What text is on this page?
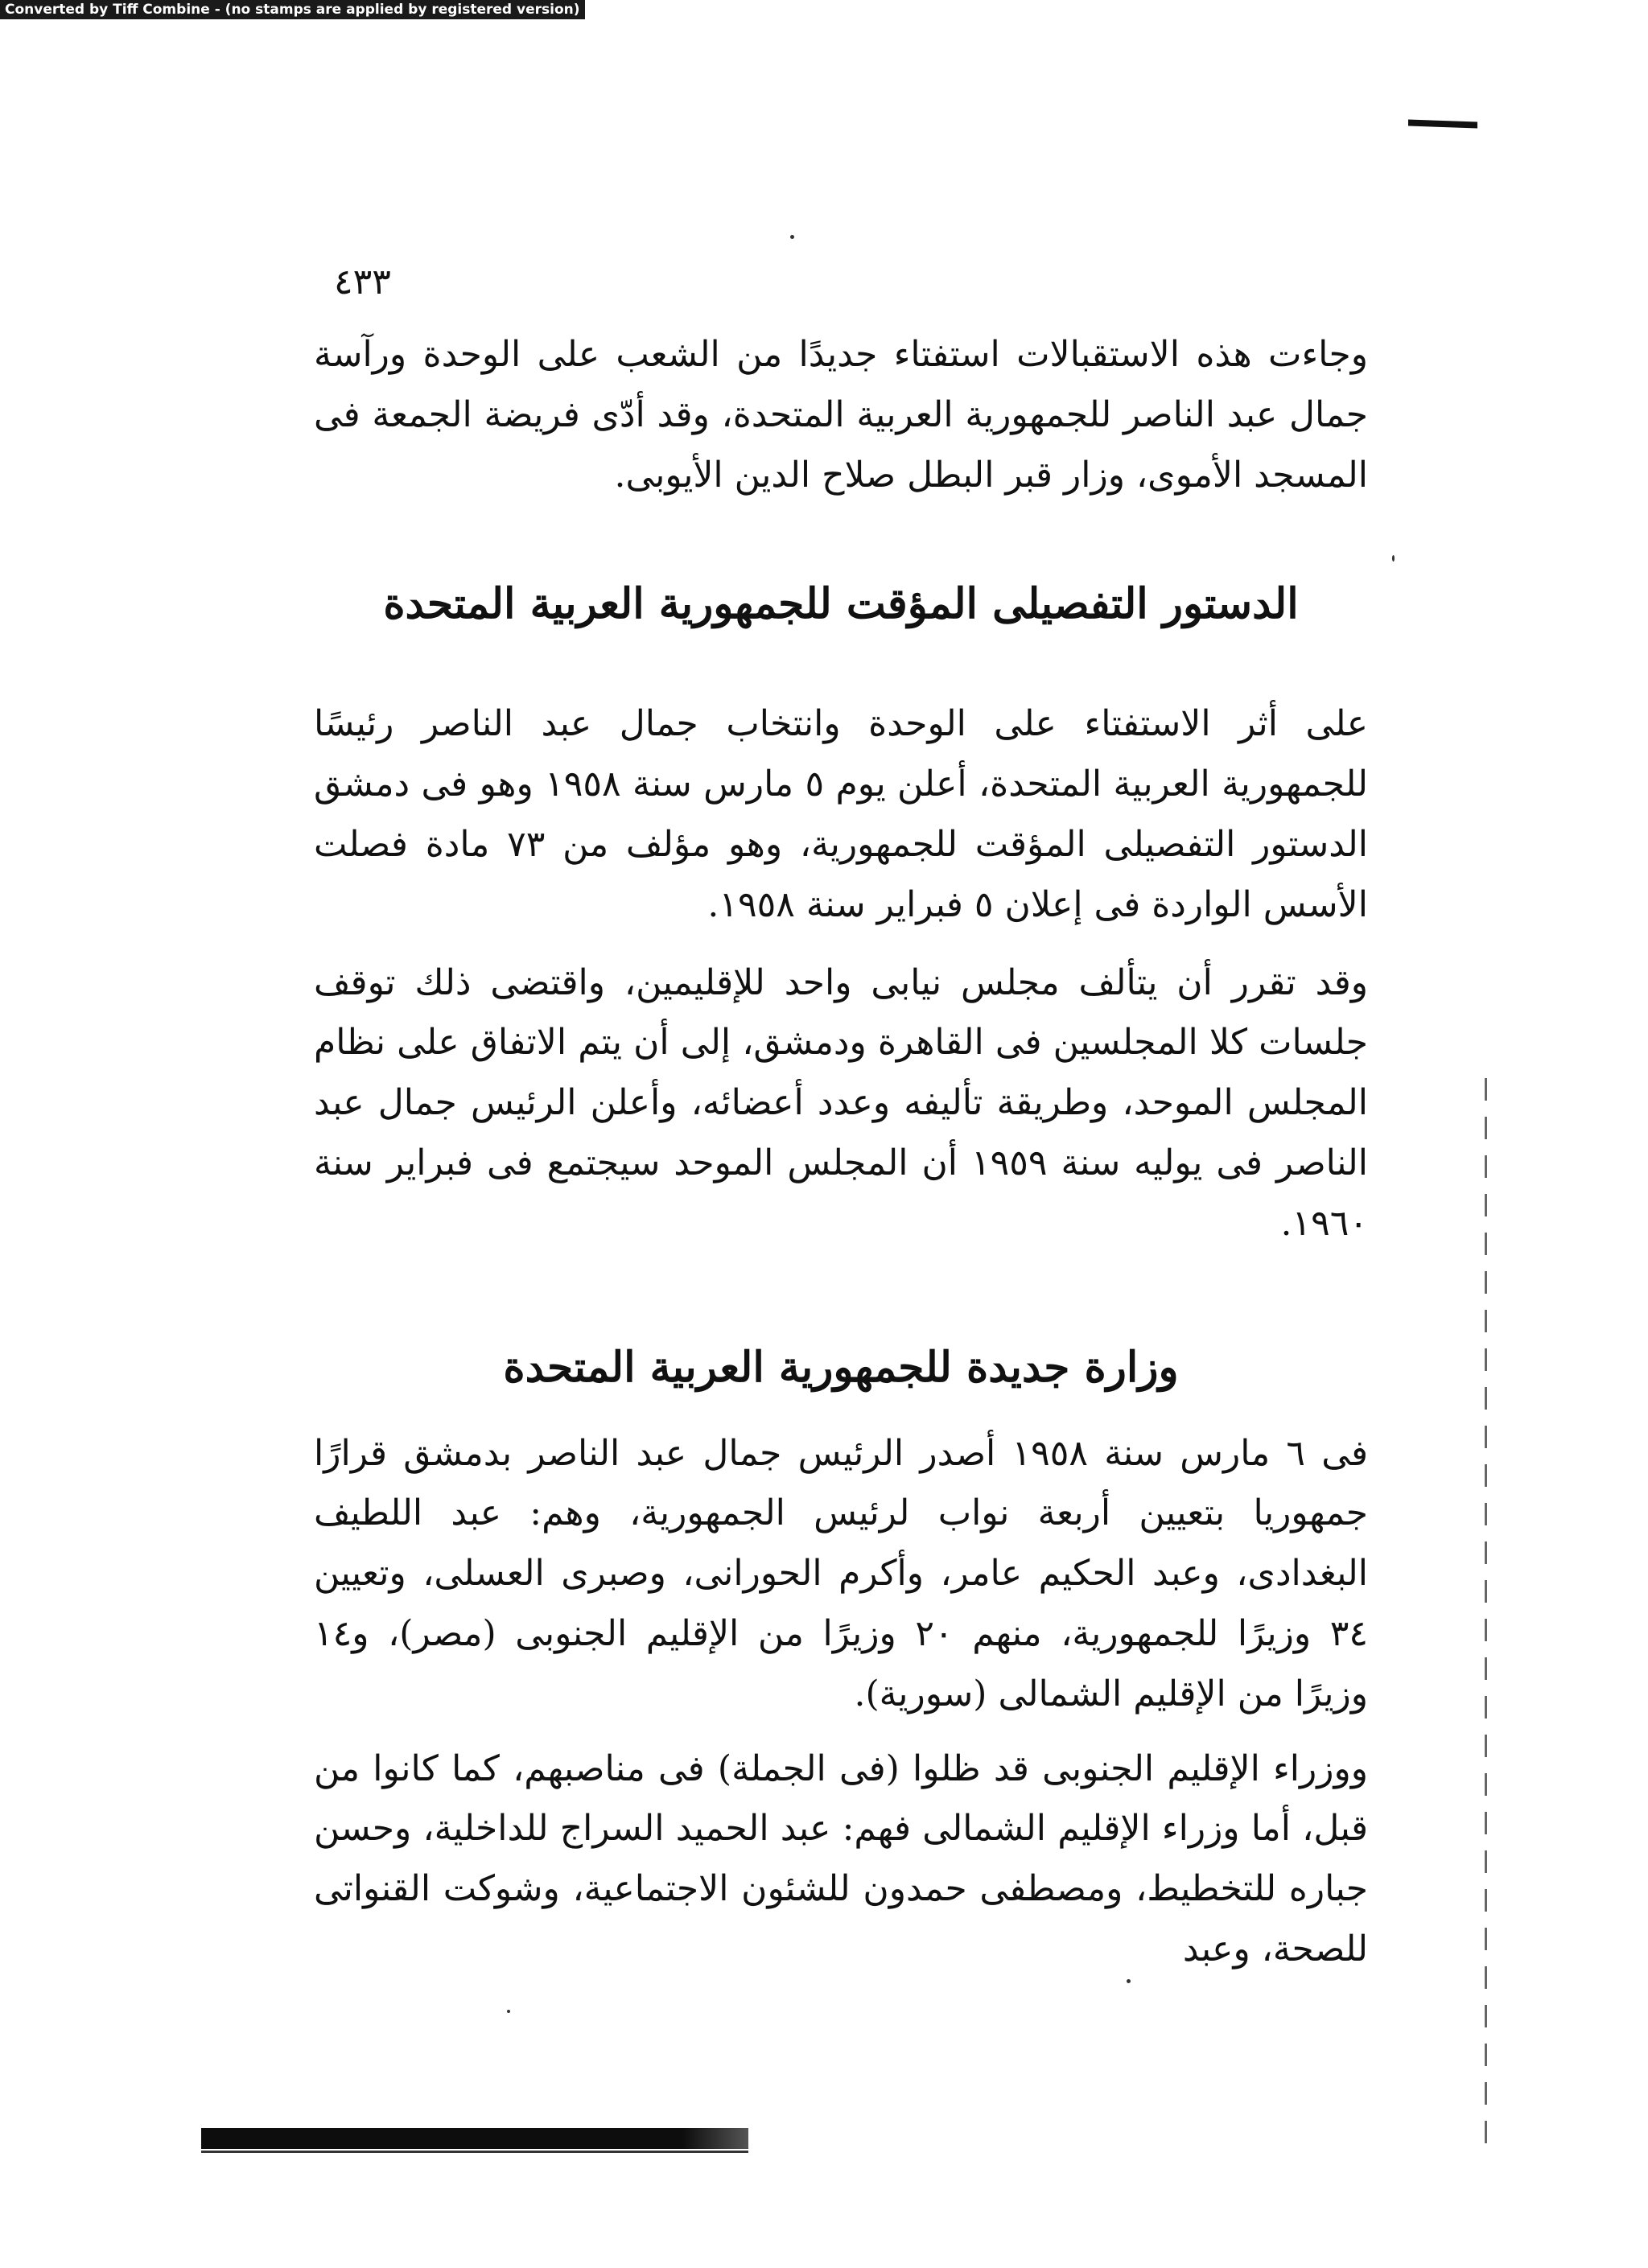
Converted by Tiff Combine - (no stamps are applied by registered version)
٤٣٣

وجاءت هذه الاستقبالات استفتاء جديدًا من الشعب على الوحدة ورآسة جمال عبد الناصر للجمهورية العربية المتحدة، وقد أدّى فريضة الجمعة فى المسجد الأموى، وزار قبر البطل صلاح الدين الأيوبى.

الدستور التفصيلى المؤقت للجمهورية العربية المتحدة

على أثر الاستفتاء على الوحدة وانتخاب جمال عبد الناصر رئيسًا للجمهورية العربية المتحدة، أعلن يوم ٥ مارس سنة ١٩٥٨ وهو فى دمشق الدستور التفصيلى المؤقت للجمهورية، وهو مؤلف من ٧٣ مادة فصلت الأسس الواردة فى إعلان ٥ فبراير سنة ١٩٥٨.

وقد تقرر أن يتألف مجلس نيابى واحد للإقليمين، واقتضى ذلك توقف جلسات كلا المجلسين فى القاهرة ودمشق، إلى أن يتم الاتفاق على نظام المجلس الموحد، وطريقة تأليفه وعدد أعضائه، وأعلن الرئيس جمال عبد الناصر فى يوليه سنة ١٩٥٩ أن المجلس الموحد سيجتمع فى فبراير سنة ١٩٦٠.

وزارة جديدة للجمهورية العربية المتحدة

فى ٦ مارس سنة ١٩٥٨ أصدر الرئيس جمال عبد الناصر بدمشق قرارًا جمهوريا بتعيين أربعة نواب لرئيس الجمهورية، وهم: عبد اللطيف البغدادى، وعبد الحكيم عامر، وأكرم الحورانى، وصبرى العسلى، وتعيين ٣٤ وزيرًا للجمهورية، منهم ٢٠ وزيرًا من الإقليم الجنوبى (مصر)، و١٤ وزيرًا من الإقليم الشمالى (سورية).

ووزراء الإقليم الجنوبى قد ظلوا (فى الجملة) فى مناصبهم، كما كانوا من قبل، أما وزراء الإقليم الشمالى فهم: عبد الحميد السراج للداخلية، وحسن جباره للتخطيط، ومصطفى حمدون للشئون الاجتماعية، وشوكت القنواتى للصحة، وعبد
